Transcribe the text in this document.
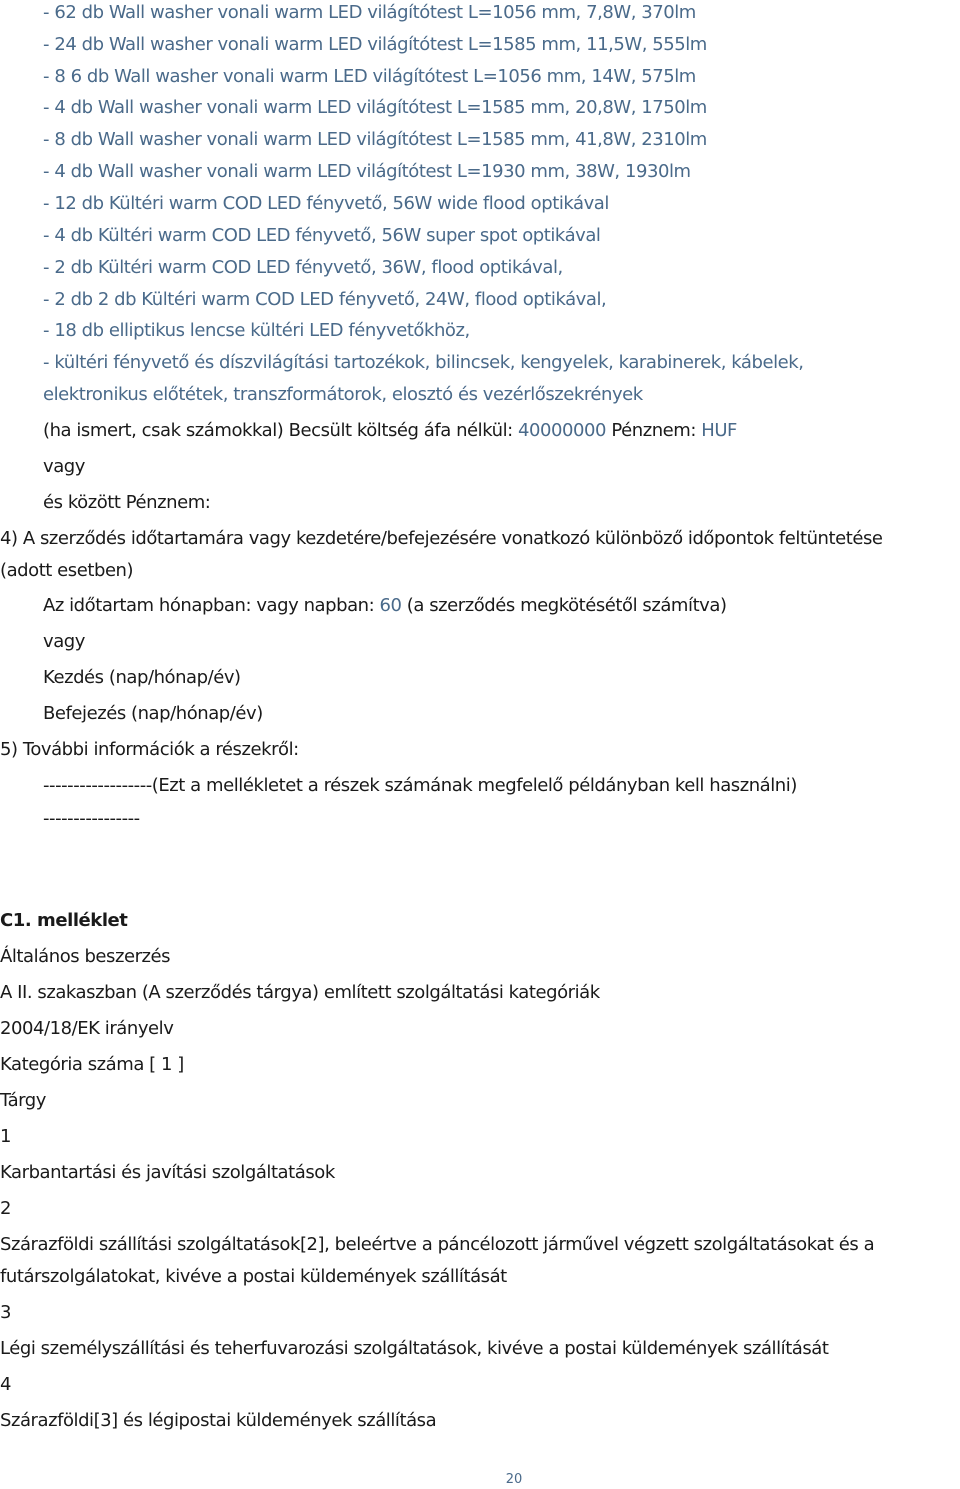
- 62 db Wall washer vonali warm LED világítótest L=1056 mm, 7,8W, 370lm
- 24 db Wall washer vonali warm LED világítótest L=1585 mm, 11,5W, 555lm
- 8 6 db Wall washer vonali warm LED világítótest L=1056 mm, 14W, 575lm
- 4 db Wall washer vonali warm LED világítótest L=1585 mm, 20,8W, 1750lm
- 8 db Wall washer vonali warm LED világítótest L=1585 mm, 41,8W, 2310lm
- 4 db Wall washer vonali warm LED világítótest L=1930 mm, 38W, 1930lm
- 12 db Kültéri warm COD LED fényvető, 56W wide flood optikával
- 4 db Kültéri warm COD LED fényvető, 56W super spot optikával
- 2 db Kültéri warm COD LED fényvető, 36W, flood optikával,
- 2 db 2 db Kültéri warm COD LED fényvető, 24W, flood optikával,
- 18 db elliptikus lencse kültéri LED fényvetőkhöz,
- kültéri fényvető és díszvilágítási tartozékok, bilincsek, kengyelek, karabinerek, kábelek,
elektronikus előtétek, transzformátorok, elosztó és vezérlőszekrények
(ha ismert, csak számokkal) Becsült költség áfa nélkül: 40000000 Pénznem: HUF
vagy
és között Pénznem:
4) A szerződés időtartamára vagy kezdetére/befejezésére vonatkozó különböző időpontok feltüntetése
(adott esetben)
Az időtartam hónapban: vagy napban: 60 (a szerződés megkötésétől számítva)
vagy
Kezdés (nap/hónap/év)
Befejezés (nap/hónap/év)
5) További információk a részekről:
------------------(Ezt a mellékletet a részek számának megfelelő példányban kell használni)
----------------
C1. melléklet
Általános beszerzés
A II. szakaszban (A szerződés tárgya) említett szolgáltatási kategóriák
2004/18/EK irányelv
Kategória száma [ 1 ]
Tárgy
1
Karbantartási és javítási szolgáltatások
2
Szárazföldi szállítási szolgáltatások[2], beleértve a páncélozott járművel végzett szolgáltatásokat és a
futárszolgálatokat, kivéve a postai küldemények szállítását
3
Légi személyszállítási és teherfuvarozási szolgáltatások, kivéve a postai küldemények szállítását
4
Szárazföldi[3] és légipostai küldemények szállítása
20
